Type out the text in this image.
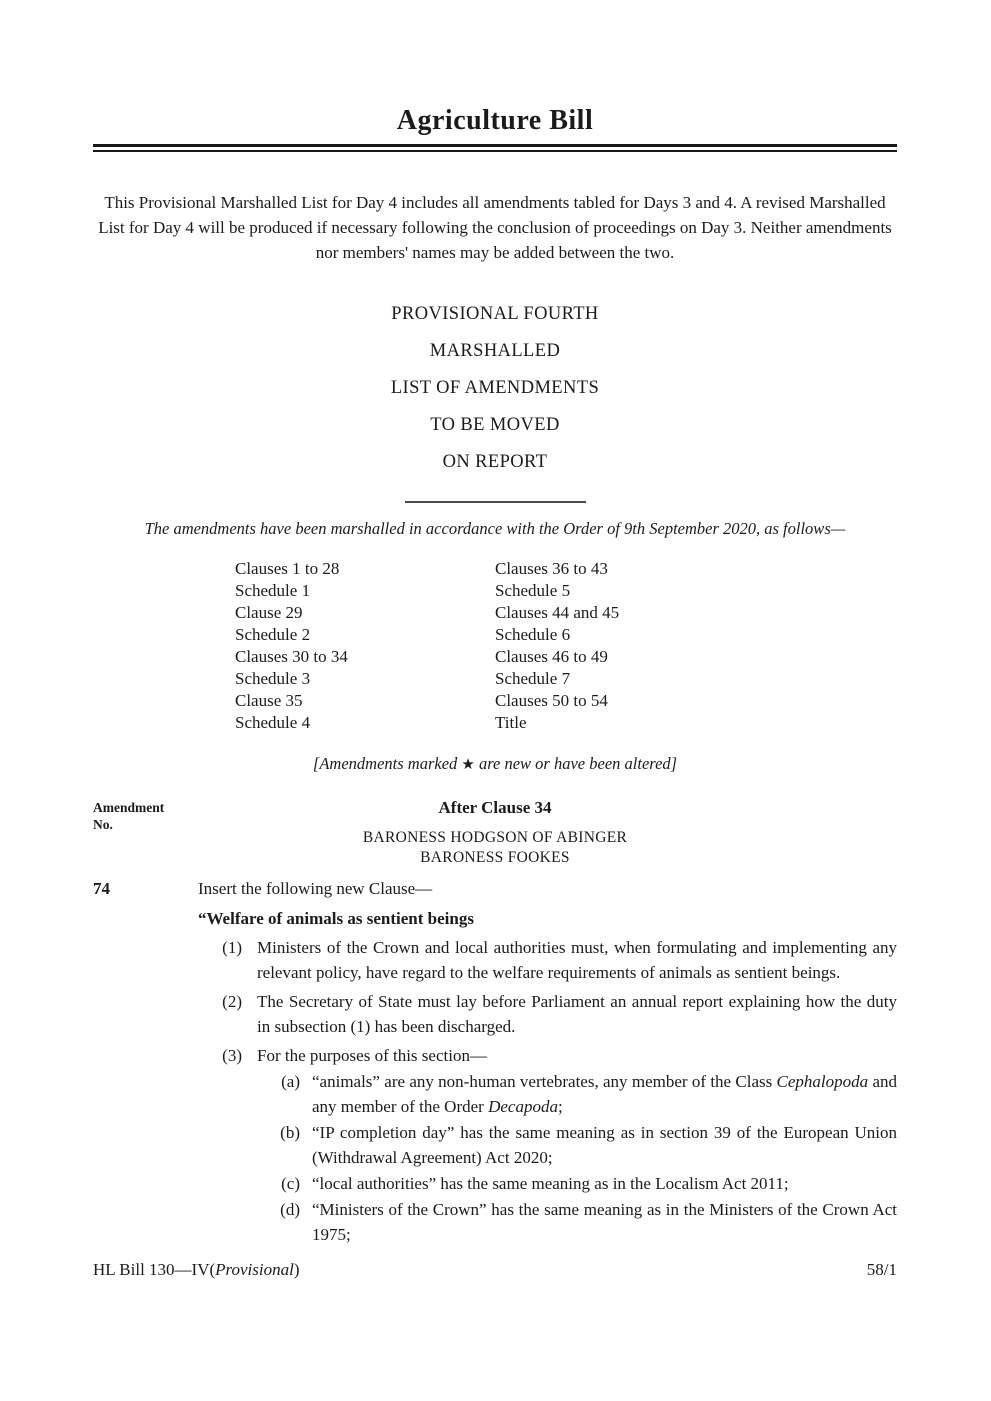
Agriculture Bill

This Provisional Marshalled List for Day 4 includes all amendments tabled for Days 3 and 4. A revised Marshalled List for Day 4 will be produced if necessary following the conclusion of proceedings on Day 3. Neither amendments nor members' names may be added between the two.

PROVISIONAL FOURTH
MARSHALLED
LIST OF AMENDMENTS
TO BE MOVED
ON REPORT

The amendments have been marshalled in accordance with the Order of 9th September 2020, as follows—

Clauses 1 to 28
Schedule 1
Clause 29
Schedule 2
Clauses 30 to 34
Schedule 3
Clause 35
Schedule 4
Clauses 36 to 43
Schedule 5
Clauses 44 and 45
Schedule 6
Clauses 46 to 49
Schedule 7
Clauses 50 to 54
Title

[Amendments marked ★ are new or have been altered]

Amendment
No.
After Clause 34
BARONESS HODGSON OF ABINGER
BARONESS FOOKES
74	Insert the following new Clause—
“Welfare of animals as sentient beings
(1) Ministers of the Crown and local authorities must, when formulating and implementing any relevant policy, have regard to the welfare requirements of animals as sentient beings.
(2) The Secretary of State must lay before Parliament an annual report explaining how the duty in subsection (1) has been discharged.
(3) For the purposes of this section—
(a) “animals” are any non-human vertebrates, any member of the Class Cephalopoda and any member of the Order Decapoda;
(b) “IP completion day” has the same meaning as in section 39 of the European Union (Withdrawal Agreement) Act 2020;
(c) “local authorities” has the same meaning as in the Localism Act 2011;
(d) “Ministers of the Crown” has the same meaning as in the Ministers of the Crown Act 1975;
HL Bill 130—IV(Provisional)	58/1
